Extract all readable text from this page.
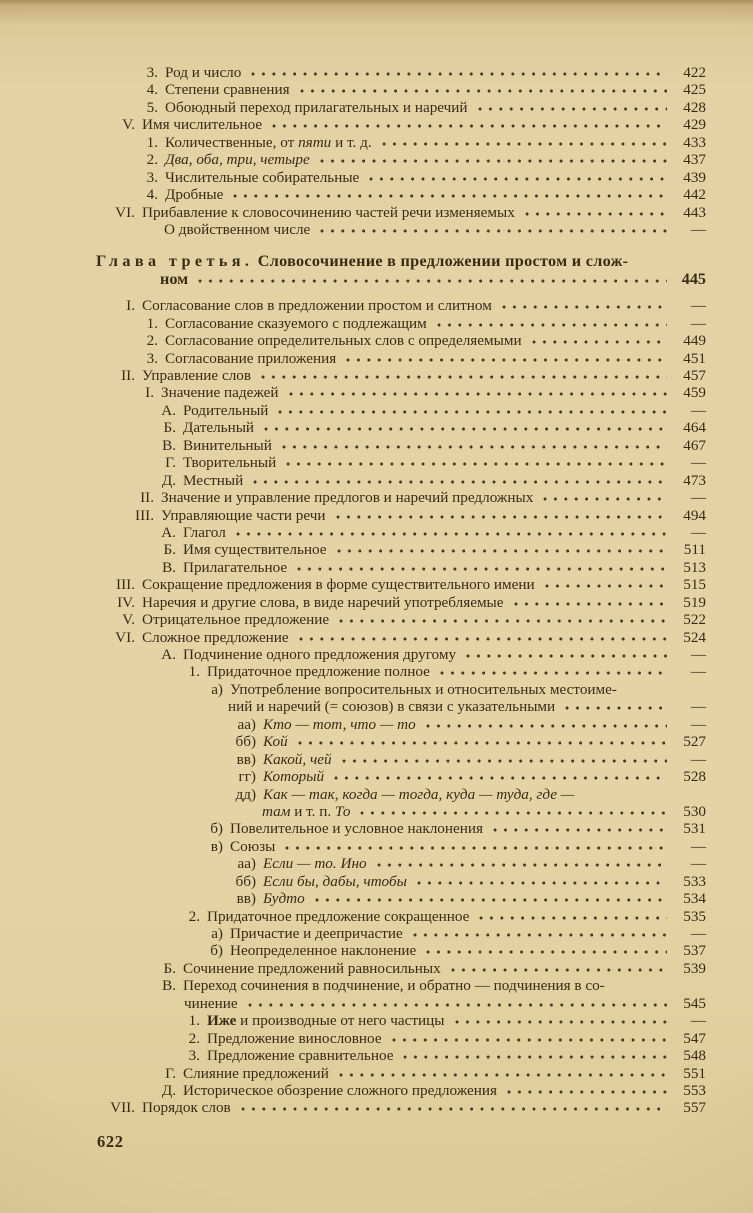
3. Род и число	422
4. Степени сравнения	425
5. Обоюдный переход прилагательных и наречий	428
V. Имя числительное	429
1. Количественные, от пяти и т. д.	433
2. Два, оба, три, четыре	437
3. Числительные собирательные	439
4. Дробные	442
VI. Прибавление к словосочинению частей речи изменяемых	443
О двойственном числе	—
Глава третья. Словосочинение в предложении простом и слож-
ном	445
I. Согласование слов в предложении простом и слитном	—
1. Согласование сказуемого с подлежащим	—
2. Согласование определительных слов с определяемыми	449
3. Согласование приложения	451
II. Управление слов	457
I. Значение падежей	459
А. Родительный	—
Б. Дательный	464
В. Винительный	467
Г. Творительный	—
Д. Местный	473
II. Значение и управление предлогов и наречий предложных	—
III. Управляющие части речи	494
А. Глагол	—
Б. Имя существительное	511
В. Прилагательное	513
III. Сокращение предложения в форме существительного имени	515
IV. Наречия и другие слова, в виде наречий употребляемые	519
V. Отрицательное предложение	522
VI. Сложное предложение	524
А. Подчинение одного предложения другому	—
1. Придаточное предложение полное	—
а) Употребление вопросительных и относительных местоиме-
ний и наречий (= союзов) в связи с указательными	—
аа) Кто — тот, что — то	—
бб) Кой	527
вв) Какой, чей	—
гг) Который	528
дд) Как — так, когда — тогда, куда — туда, где —
там и т. п. То	530
б) Повелительное и условное наклонения	531
в) Союзы	—
аа) Если — то. Ино	—
бб) Если бы, дабы, чтобы	533
вв) Будто	534
2. Придаточное предложение сокращенное	535
а) Причастие и деепричастие	—
б) Неопределенное наклонение	537
Б. Сочинение предложений равносильных	539
В. Переход сочинения в подчинение, и обратно — подчинения в со-
чинение	545
1. Иже и производные от него частицы	—
2. Предложение винословное	547
3. Предложение сравнительное	548
Г. Слияние предложений	551
Д. Историческое обозрение сложного предложения	553
VII. Порядок слов	557
622
